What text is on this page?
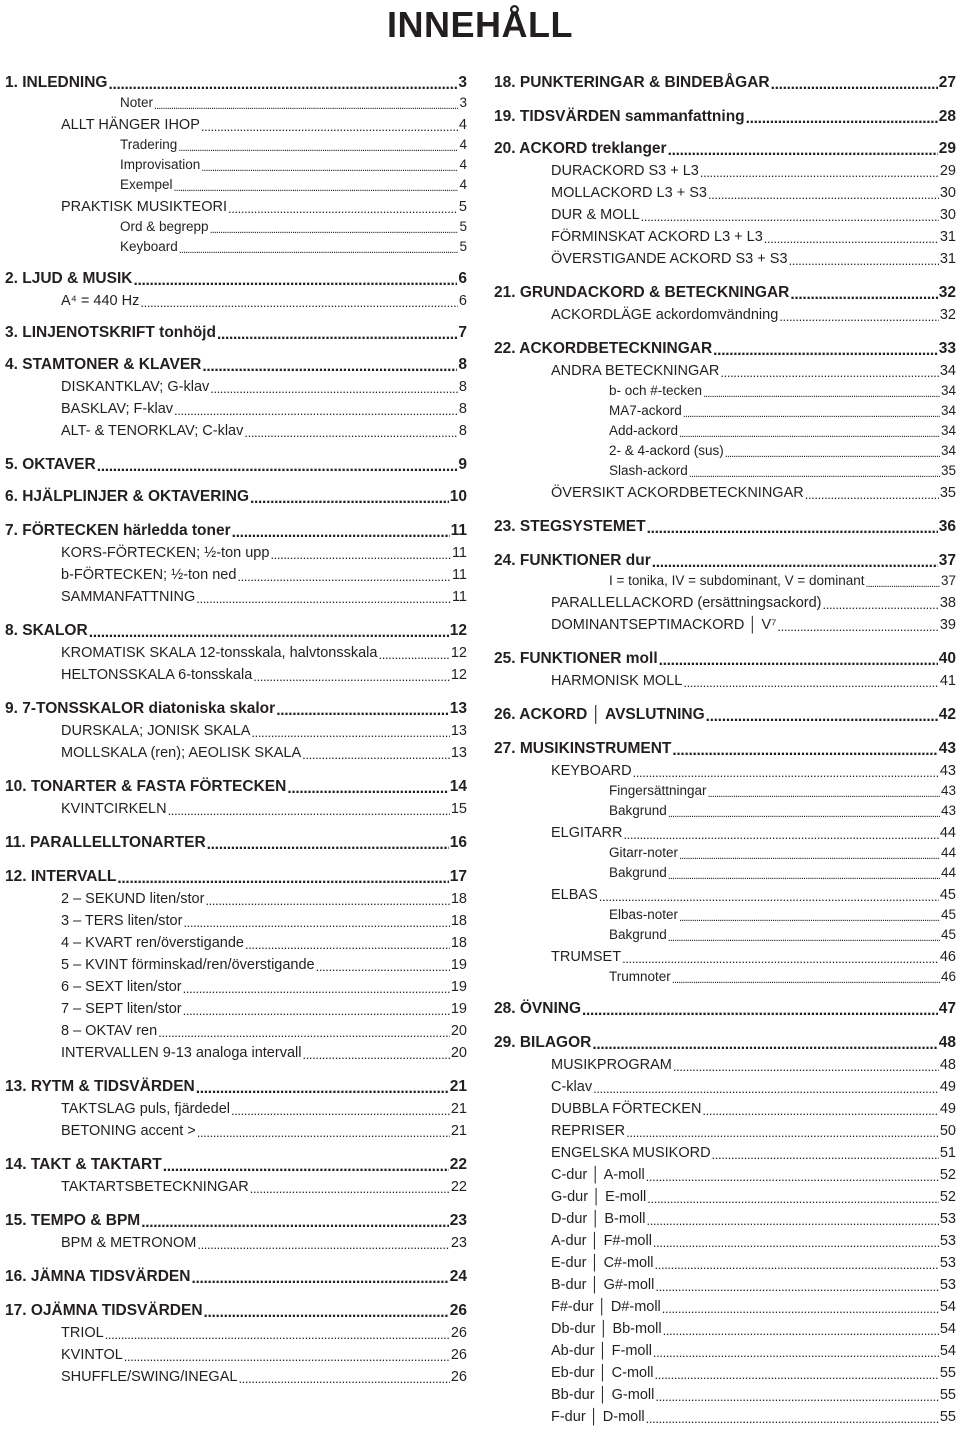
INNEHÅLL
1. INLEDNING . . .	3
Noter . . .	3
ALLT HÄNGER IHOP . . .	4
Tradering . . .	4
Improvisation . . .	4
Exempel . . .	4
PRAKTISK MUSIKTEORI . . .	5
Ord & begrepp . . .	5
Keyboard . . .	5
2. LJUD & MUSIK . . .	6
A⁴ = 440 Hz . . .	6
3. LINJENOTSKRIFT tonhöjd . . .	7
4. STAMTONER & KLAVER . . .	8
DISKANTKLAV; G-klav . . .	8
BASKLAV; F-klav . . .	8
ALT- & TENORKLAV; C-klav . . .	8
5. OKTAVER . . .	9
6. HJÄLPLINJER & OKTAVERING . . .	10
7. FÖRTECKEN härledda toner . . .	11
KORS-FÖRTECKEN; ½-ton upp . . .	11
b-FÖRTECKEN; ½-ton ned . . .	11
SAMMANFATTNING . . .	11
8. SKALOR . . .	12
KROMATISK SKALA 12-tonsskala, halvtonsskala . . .	12
HELTONSSKALA 6-tonsskala . . .	12
9. 7-TONSSKALOR diatoniska skalor . . .	13
DURSKALA; JONISK SKALA . . .	13
MOLLSKALA (ren); AEOLISK SKALA . . .	13
10. TONARTER & FASTA FÖRTECKEN . . .	14
KVINTCIRKELN . . .	15
11. PARALLELLTONARTER . . .	16
12. INTERVALL . . .	17
2 – SEKUND liten/stor . . .	18
3 – TERS liten/stor . . .	18
4 – KVART ren/överstigande . . .	18
5 – KVINT förminskad/ren/överstigande . . .	19
6 – SEXT liten/stor . . .	19
7 – SEPT liten/stor . . .	19
8 – OKTAV ren . . .	20
INTERVALLEN 9-13 analoga intervall . . .	20
13. RYTM & TIDSVÄRDEN . . .	21
TAKTSLAG puls, fjärdedel . . .	21
BETONING accent > . . .	21
14. TAKT & TAKTART . . .	22
TAKTARTSBETECKNINGAR . . .	22
15. TEMPO & BPM . . .	23
BPM & METRONOM . . .	23
16. JÄMNA TIDSVÄRDEN . . .	24
17. OJÄMNA TIDSVÄRDEN . . .	26
TRIOL . . .	26
KVINTOL . . .	26
SHUFFLE/SWING/INEGAL . . .	26
18. PUNKTERINGAR & BINDEBÅGAR . . .	27
19. TIDSVÄRDEN sammanfattning . . .	28
20. ACKORD treklanger . . .	29
DURACKORD S3 + L3 . . .	29
MOLLACKORD L3 + S3 . . .	30
DUR & MOLL . . .	30
FÖRMINSKAT ACKORD L3 + L3 . . .	31
ÖVERSTIGANDE ACKORD S3 + S3 . . .	31
21. GRUNDACKORD & BETECKNINGAR . . .	32
ACKORDLÄGE ackordomvändning . . .	32
22. ACKORDBETECKNINGAR . . .	33
ANDRA BETECKNINGAR . . .	34
b- och #-tecken . . .	34
MA7-ackord . . .	34
Add-ackord . . .	34
2- & 4-ackord (sus) . . .	34
Slash-ackord . . .	35
ÖVERSIKT ACKORDBETECKNINGAR . . .	35
23. STEGSYSTEMET . . .	36
24. FUNKTIONER dur . . .	37
I = tonika, IV = subdominant, V = dominant . . .	37
PARALLELLACKORD (ersättningsackord) . . .	38
DOMINANTSEPTIMACKORD │ V⁷ . . .	39
25. FUNKTIONER moll . . .	40
HARMONISK MOLL . . .	41
26. ACKORD │ AVSLUTNING . . .	42
27. MUSIKINSTRUMENT . . .	43
KEYBOARD . . .	43
Fingersättningar . . .	43
Bakgrund . . .	43
ELGITARR . . .	44
Gitarr-noter . . .	44
Bakgrund . . .	44
ELBAS . . .	45
Elbas-noter . . .	45
Bakgrund . . .	45
TRUMSET . . .	46
Trumnoter . . .	46
28. ÖVNING . . .	47
29. BILAGOR . . .	48
MUSIKPROGRAM . . .	48
C-klav . . .	49
DUBBLA FÖRTECKEN . . .	49
REPRISER . . .	50
ENGELSKA MUSIKORD . . .	51
C-dur │ A-moll . . .	52
G-dur │ E-moll . . .	52
D-dur │ B-moll . . .	53
A-dur │ F#-moll . . .	53
E-dur │ C#-moll . . .	53
B-dur │ G#-moll . . .	53
F#-dur │ D#-moll . . .	54
Db-dur │ Bb-moll . . .	54
Ab-dur │ F-moll . . .	54
Eb-dur │ C-moll . . .	55
Bb-dur │ G-moll . . .	55
F-dur │ D-moll . . .	55
